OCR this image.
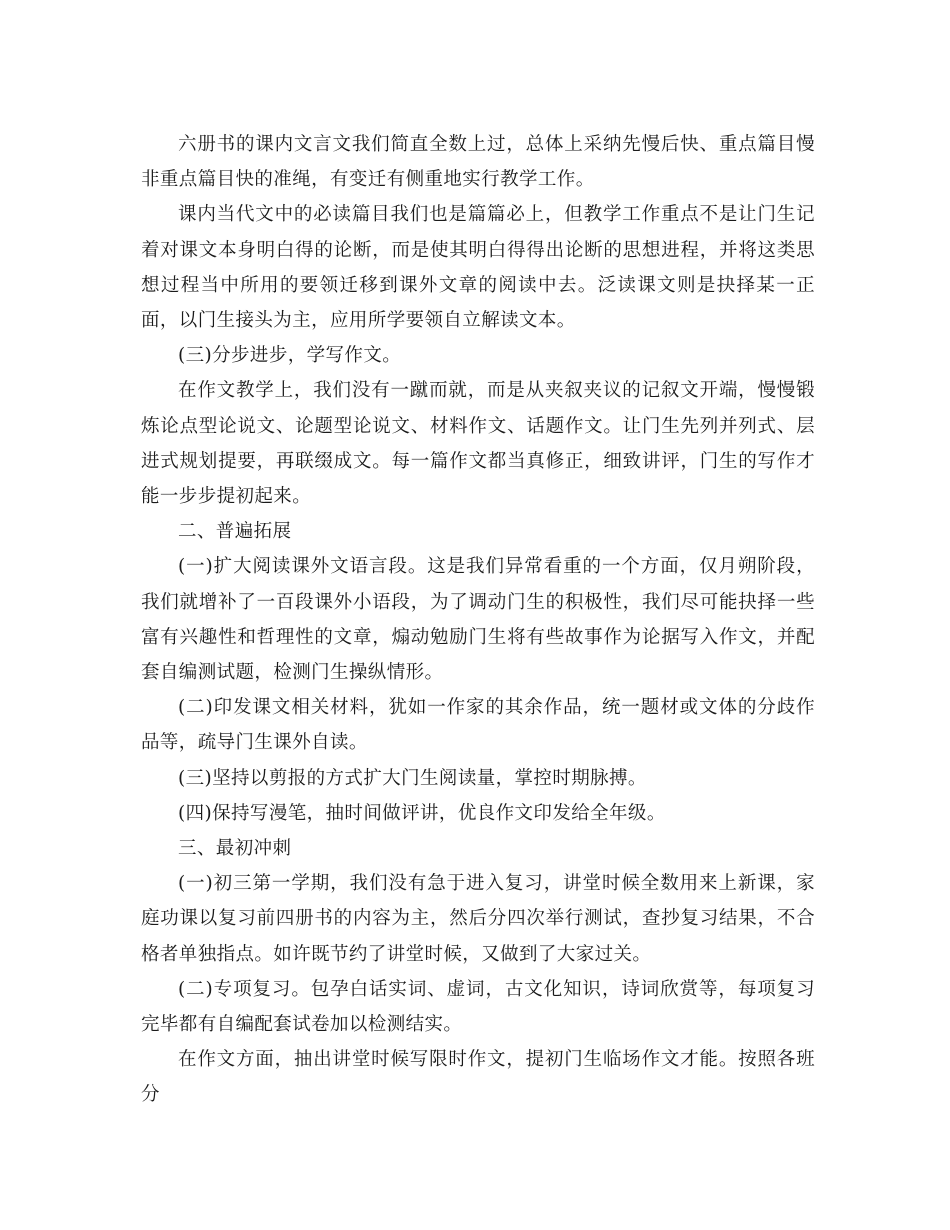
六册书的课内文言文我们简直全数上过，总体上采纳先慢后快、重点篇目慢非重点篇目快的准绳，有变迁有侧重地实行教学工作。

课内当代文中的必读篇目我们也是篇篇必上，但教学工作重点不是让门生记着对课文本身明白得的论断，而是使其明白得得出论断的思想进程，并将这类思想过程当中所用的要领迁移到课外文章的阅读中去。泛读课文则是抉择某一正面，以门生接头为主，应用所学要领自立解读文本。

(三)分步进步，学写作文。

在作文教学上，我们没有一蹴而就，而是从夹叙夹议的记叙文开端，慢慢锻炼论点型论说文、论题型论说文、材料作文、话题作文。让门生先列并列式、层进式规划提要，再联缀成文。每一篇作文都当真修正，细致讲评，门生的写作才能一步步提初起来。

二、普遍拓展

(一)扩大阅读课外文语言段。这是我们异常看重的一个方面，仅月朔阶段，我们就增补了一百段课外小语段，为了调动门生的积极性，我们尽可能抉择一些富有兴趣性和哲理性的文章，煽动勉励门生将有些故事作为论据写入作文，并配套自编测试题，检测门生操纵情形。

(二)印发课文相关材料，犹如一作家的其余作品，统一题材或文体的分歧作品等，疏导门生课外自读。

(三)坚持以剪报的方式扩大门生阅读量，掌控时期脉搏。

(四)保持写漫笔，抽时间做评讲，优良作文印发给全年级。

三、最初冲刺

(一)初三第一学期，我们没有急于进入复习，讲堂时候全数用来上新课，家庭功课以复习前四册书的内容为主，然后分四次举行测试，查抄复习结果，不合格者单独指点。如许既节约了讲堂时候，又做到了大家过关。

(二)专项复习。包孕白话实词、虚词，古文化知识，诗词欣赏等，每项复习完毕都有自编配套试卷加以检测结实。

在作文方面，抽出讲堂时候写限时作文，提初门生临场作文才能。按照各班分
